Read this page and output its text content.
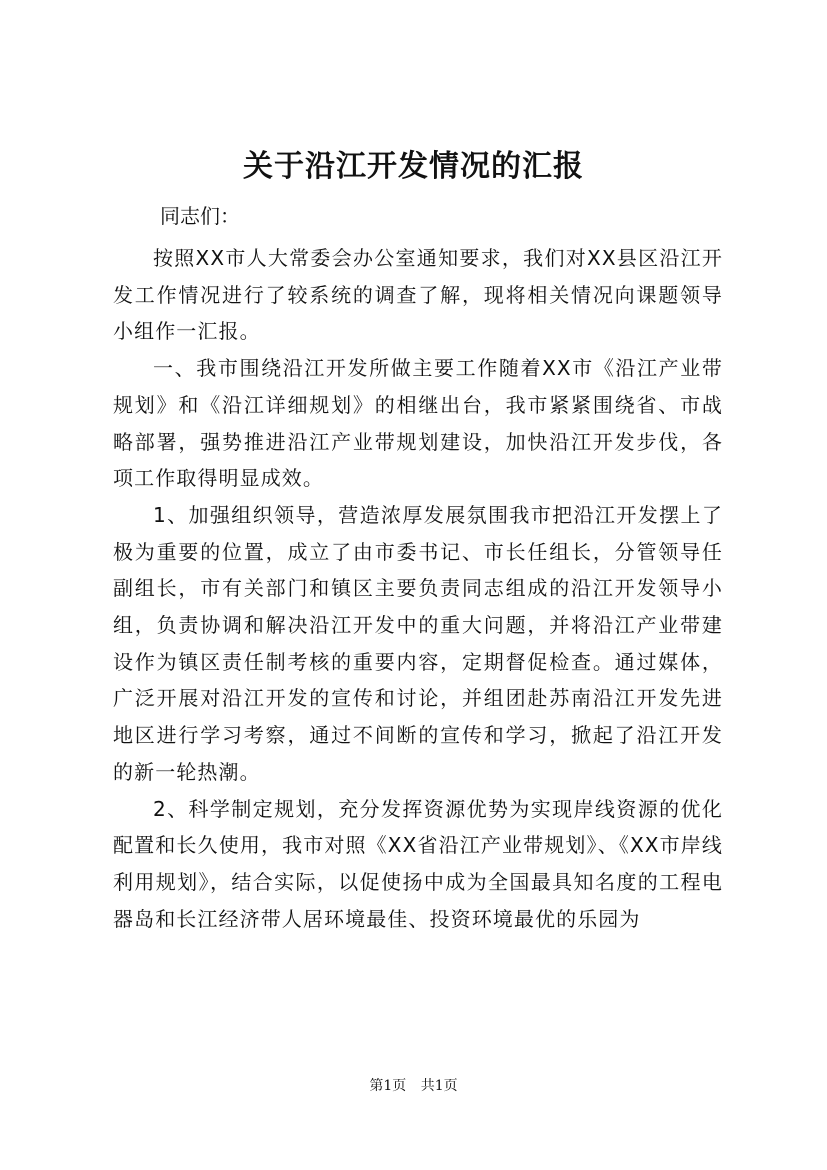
关于沿江开发情况的汇报
同志们：

按照XX市人大常委会办公室通知要求，我们对XX县区沿江开发工作情况进行了较系统的调查了解，现将相关情况向课题领导小组作一汇报。

一、我市围绕沿江开发所做主要工作随着XX市《沿江产业带规划》和《沿江详细规划》的相继出台，我市紧紧围绕省、市战略部署，强势推进沿江产业带规划建设，加快沿江开发步伐，各项工作取得明显成效。

1、加强组织领导，营造浓厚发展氛围我市把沿江开发摆上了极为重要的位置，成立了由市委书记、市长任组长，分管领导任副组长，市有关部门和镇区主要负责同志组成的沿江开发领导小组，负责协调和解决沿江开发中的重大问题，并将沿江产业带建设作为镇区责任制考核的重要内容，定期督促检查。通过媒体，广泛开展对沿江开发的宣传和讨论，并组团赴苏南沿江开发先进地区进行学习考察，通过不间断的宣传和学习，掀起了沿江开发的新一轮热潮。

2、科学制定规划，充分发挥资源优势为实现岸线资源的优化配置和长久使用，我市对照《XX省沿江产业带规划》、《XX市岸线利用规划》，结合实际，以促使扬中成为全国最具知名度的工程电器岛和长江经济带人居环境最佳、投资环境最优的乐园为

第1页 共1页
